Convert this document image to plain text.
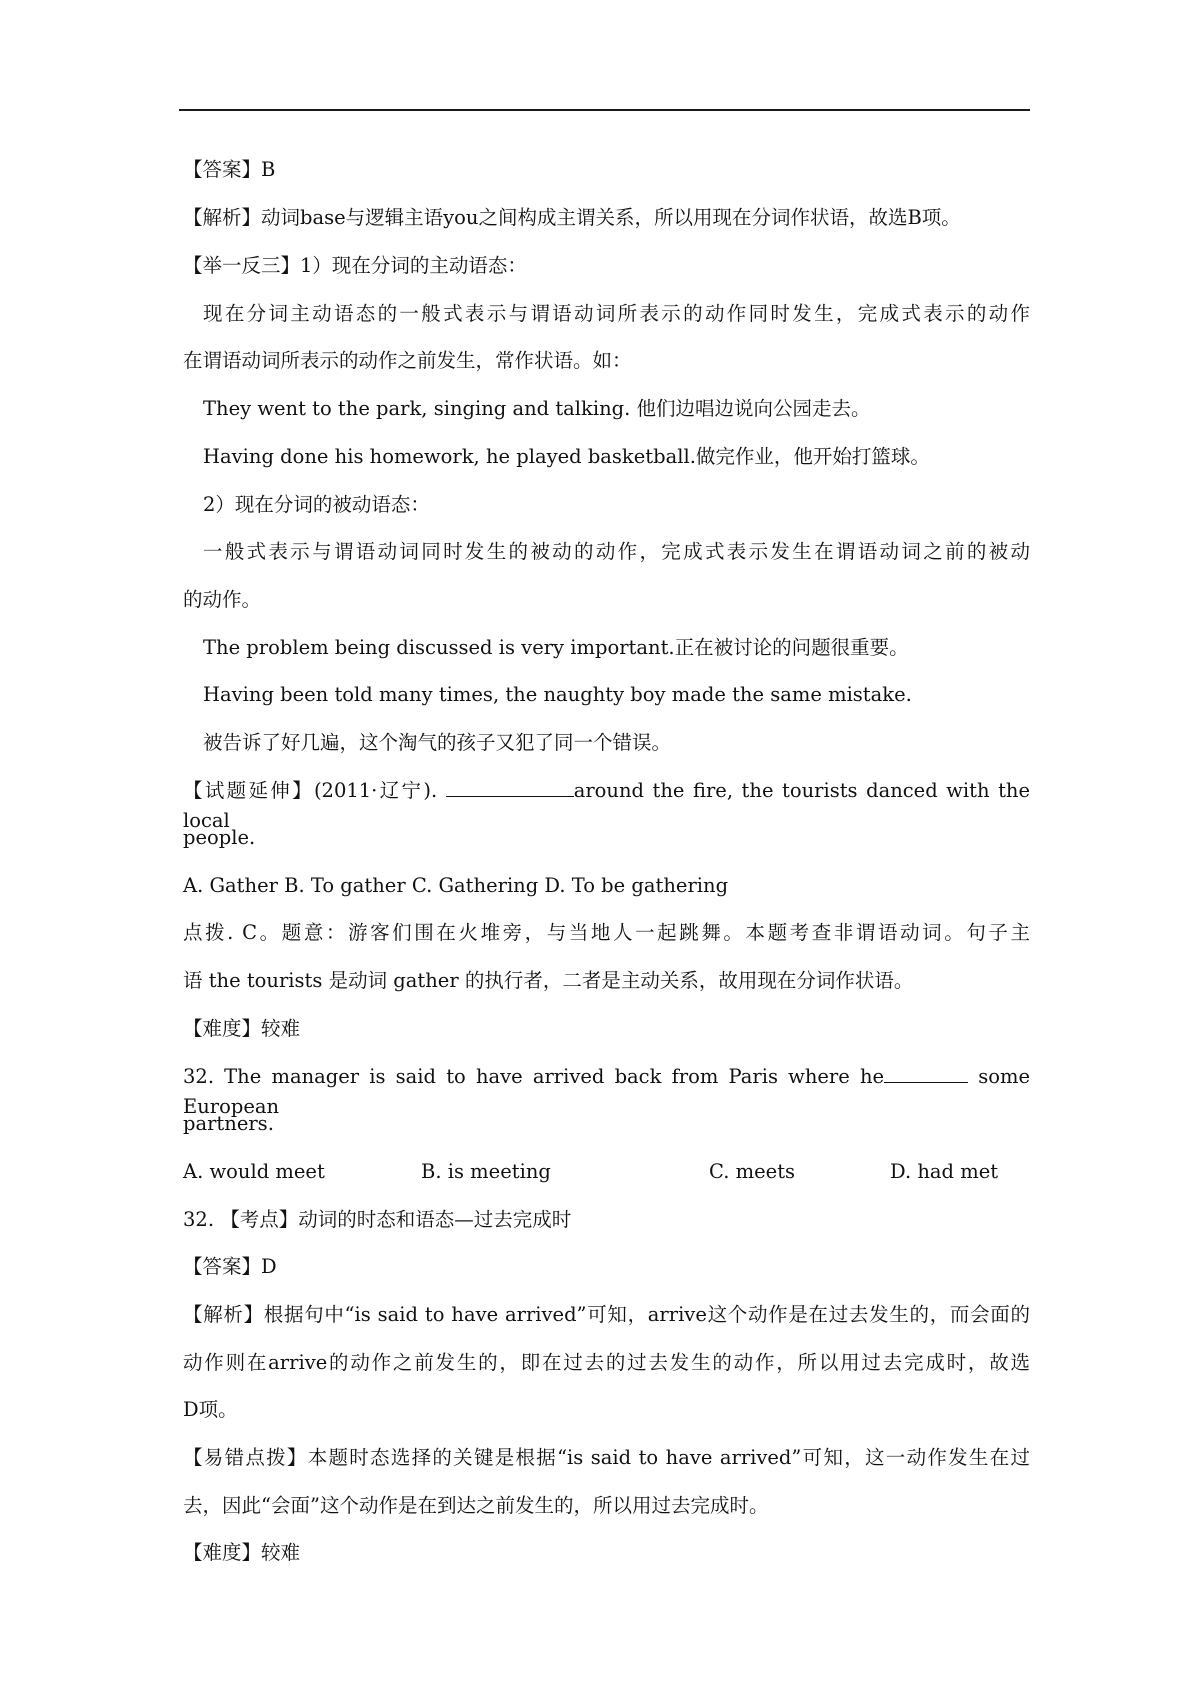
【答案】B
【解析】动词base与逻辑主语you之间构成主谓关系，所以用现在分词作状语，故选B项。
【举一反三】1）现在分词的主动语态：
现在分词主动语态的一般式表示与谓语动词所表示的动作同时发生，完成式表示的动作
在谓语动词所表示的动作之前发生，常作状语。如：
They went to the park, singing and talking. 他们边唱边说向公园走去。
Having done his homework, he played basketball.做完作业，他开始打篮球。
2）现在分词的被动语态：
一般式表示与谓语动词同时发生的被动的动作，完成式表示发生在谓语动词之前的被动
的动作。
The problem being discussed is very important.正在被讨论的问题很重要。
Having been told many times, the naughty boy made the same mistake.
被告诉了好几遍，这个淘气的孩子又犯了同一个错误。
【试题延伸】(2011·辽宁).	around the fire, the tourists danced with the local
people.
A. Gather B. To gather C. Gathering D. To be gathering
点拨. C。题意：游客们围在火堆旁，与当地人一起跳舞。本题考查非谓语动词。句子主
语 the tourists 是动词 gather 的执行者，二者是主动关系，故用现在分词作状语。
【难度】较难
32. The manager is said to have arrived back from Paris where he	some European
partners.
A. would meet	B. is meeting	C. meets	D. had met
32. 【考点】动词的时态和语态—过去完成时
【答案】D
【解析】根据句中“is said to have arrived”可知，arrive这个动作是在过去发生的，而会面的
动作则在arrive的动作之前发生的，即在过去的过去发生的动作，所以用过去完成时，故选
D项。
【易错点拨】本题时态选择的关键是根据“is said to have arrived”可知，这一动作发生在过
去，因此“会面”这个动作是在到达之前发生的，所以用过去完成时。
【难度】较难
